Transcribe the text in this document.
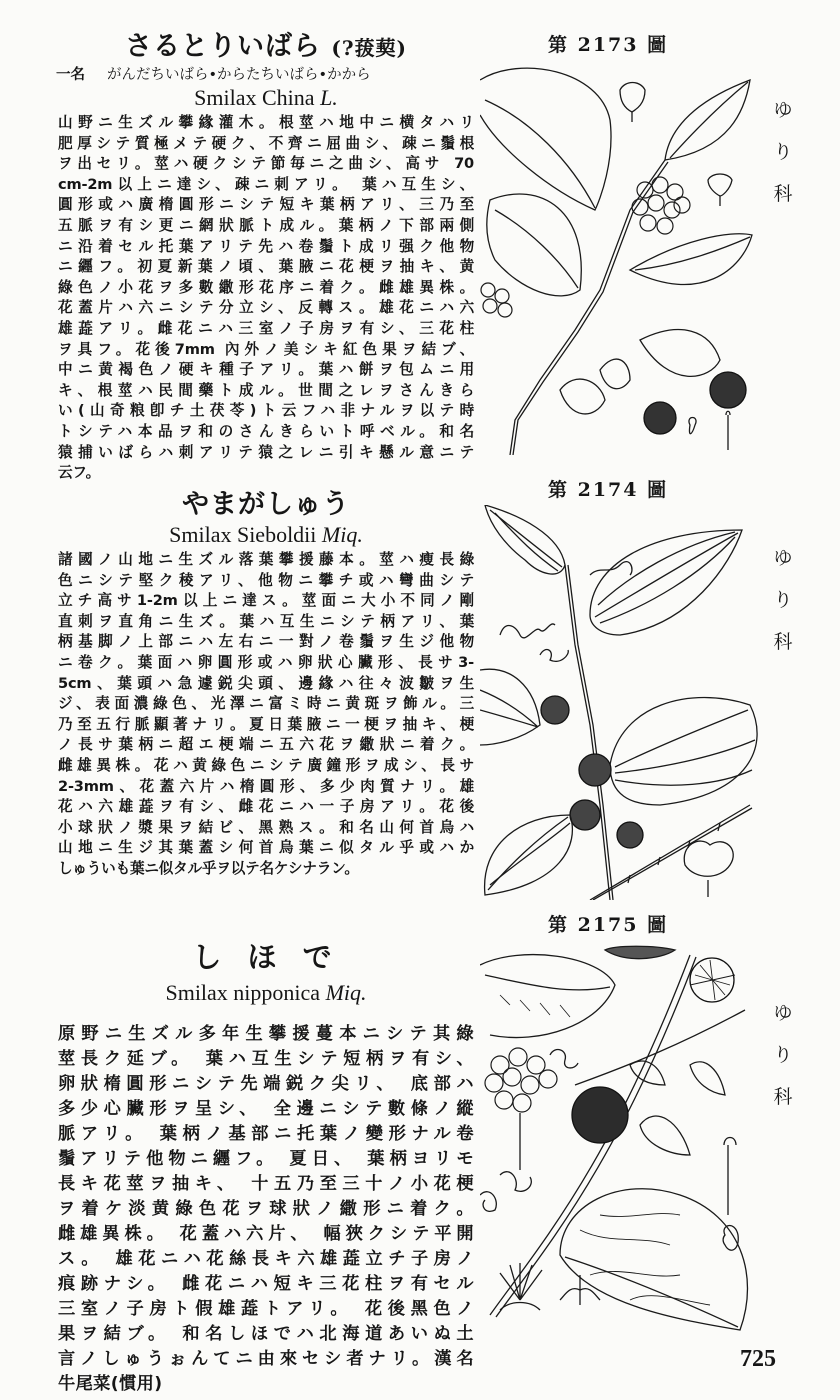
さるとりいばら (?菝葜)
一名 がんだちいばら•からたちいばら•かから
Smilax China L.
山野ニ生ズル攀緣灌木。根莖ハ地中ニ横タハリ
肥厚シテ質極メテ硬ク、不齊ニ屈曲シ、疎ニ鬚根
ヲ出セリ。莖ハ硬クシテ節毎ニ之曲シ、高サ 70
cm-2m以上ニ達シ、疎ニ刺アリ。 葉ハ互生シ、
圓形或ハ廣楕圓形ニシテ短キ葉柄アリ、三乃至
五脈ヲ有シ更ニ網狀脈ト成ル。葉柄ノ下部兩側
ニ沿着セル托葉アリテ先ハ卷鬚ト成リ强ク他物
ニ纒フ。初夏新葉ノ頃、葉腋ニ花梗ヲ抽キ、黄
綠色ノ小花ヲ多數繖形花序ニ着ク。雌雄異株。
花蓋片ハ六ニシテ分立シ、反轉ス。雄花ニハ六
雄蕋アリ。雌花ニハ三室ノ子房ヲ有シ、三花柱
ヲ具フ。花後7mm 內外ノ美シキ紅色果ヲ結ブ、
中ニ黄褐色ノ硬キ種子アリ。葉ハ餅ヲ包ムニ用
キ、根莖ハ民間藥ト成ル。世間之レヲさんきら
い(山奇粮卽チ土茯苓)ト云フハ非ナルヲ以テ時
トシテハ本品ヲ和のさんきらいト呼ベル。和名
猿捕いばらハ刺アリテ猿之レニ引キ懸ル意ニテ
云フ。
第 2173 圖
ゆ
り
科
やまがしゅう
Smilax Sieboldii Miq.
諸國ノ山地ニ生ズル落葉攀援藤本。莖ハ瘦長綠
色ニシテ堅ク稜アリ、他物ニ攀チ或ハ彎曲シテ
立チ高サ1-2m以上ニ達ス。莖面ニ大小不同ノ剛
直刺ヲ直角ニ生ズ。葉ハ互生ニシテ柄アリ、葉
柄基脚ノ上部ニハ左右ニ一對ノ卷鬚ヲ生ジ他物
ニ卷ク。葉面ハ卵圓形或ハ卵狀心臟形、長サ3-
5cm、葉頭ハ急遽鋭尖頭、邊緣ハ往々波皺ヲ生
ジ、表面濃綠色、光澤ニ富ミ時ニ黄斑ヲ飾ル。三
乃至五行脈顯著ナリ。夏日葉腋ニ一梗ヲ抽キ、梗
ノ長サ葉柄ニ超エ梗端ニ五六花ヲ繖狀ニ着ク。
雌雄異株。花ハ黄綠色ニシテ廣鐘形ヲ成シ、長サ
2-3mm、花蓋六片ハ楕圓形、多少肉質ナリ。雄
花ハ六雄蕋ヲ有シ、雌花ニハ一子房アリ。花後
小球狀ノ漿果ヲ結ビ、黑熟ス。和名山何首烏ハ
山地ニ生ジ其葉蓋シ何首烏葉ニ似タル乎或ハか
しゅういも葉ニ似タル乎ヲ以テ名ケシナラン。
第 2174 圖
ゆ
り
科
し ほ で
Smilax nipponica Miq.
原野ニ生ズル多年生攀援蔓本ニシテ其綠
莖長ク延ブ。 葉ハ互生シテ短柄ヲ有シ、
卵狀楕圓形ニシテ先端鋭ク尖リ、 底部ハ
多少心臟形ヲ呈シ、 全邊ニシテ數條ノ縱
脈アリ。 葉柄ノ基部ニ托葉ノ變形ナル卷
鬚アリテ他物ニ纒フ。 夏日、 葉柄ヨリモ
長キ花莖ヲ抽キ、 十五乃至三十ノ小花梗
ヲ着ケ淡黄綠色花ヲ球狀ノ繖形ニ着ク。
雌雄異株。 花蓋ハ六片、 幅狹クシテ平開
ス。 雄花ニハ花絲長キ六雄蕋立チ子房ノ
痕跡ナシ。 雌花ニハ短キ三花柱ヲ有セル
三室ノ子房ト假雄蕋トアリ。 花後黑色ノ
果ヲ結ブ。 和名しほでハ北海道あいぬ土
言ノしゅうぉんてニ由來セシ者ナリ。漢名
牛尾菜(慣用)
第 2175 圖
ゆ
り
科
725
